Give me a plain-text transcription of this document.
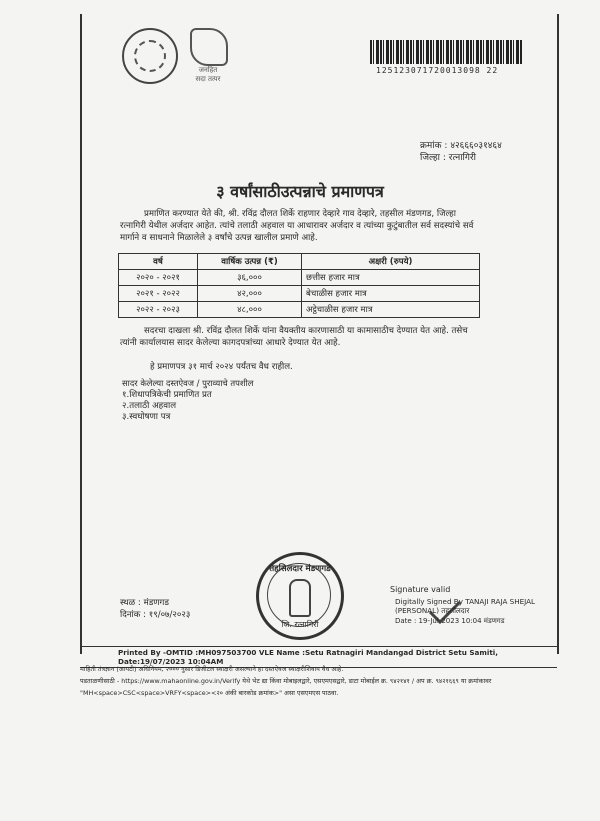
जनहित
सदा तत्पर
125123071720013098 22
क्रमांक : ४२६६६०३१४६४
जिल्हा : रत्नागिरी
३ वर्षांसाठीउत्पन्नाचे प्रमाणपत्र
प्रमाणित करण्यात येते की, श्री. रविंद्र दौलत शिर्के राहणार देव्हारे गाव देव्हारे, तहसील मंडणगड, जिल्हा रत्नागिरी येथील अर्जदार आहेत. त्यांचे तलाठी अहवाल या आधारावर अर्जदार व त्यांच्या कुटुंबातील सर्व सदस्यांचे सर्व मार्गाने व साधनाने मिळालेले ३ वर्षांचे उत्पन्न खालील प्रमाणे आहे.
वर्ष	वार्षिक उत्पन्न (₹)	अक्षरी (रुपये)
२०२० - २०२१	३६,०००	छत्तीस हजार मात्र
२०२१ - २०२२	४२,०००	बेचाळीस हजार मात्र
२०२२ - २०२३	४८,०००	अट्ठेचाळीस हजार मात्र
सदरचा दाखला श्री. रविंद्र दौलत शिर्के यांना वैयक्तीय कारणासाठी या कामासाठीच देण्यात येत आहे. तसेच त्यांनी कार्यालयास सादर केलेल्या कागदपत्रांच्या आधारे देण्यात येत आहे.
हे प्रमाणपत्र ३१ मार्च २०२४ पर्यंतच वैध राहील.
सादर केलेल्या दस्तऐवज / पुराव्याचे तपशील
१.शिधापत्रिकेची प्रमाणित प्रत
२.तलाठी अहवाल
३.स्वघोषणा पत्र
तहसिलदार मंडणगड
जि. रत्नागिरी
स्थळ : मंडणगड
दिनांक : १९/०७/२०२३
Signature valid
Digitally Signed By TANAJI RAJA SHEJAL
(PERSONAL) तहसीलदार
Date : 19-Jul-2023 10:04 मंडणगड
Printed By -OMTID :MH097503700 VLE Name :Setu Ratnagiri Mandangad District Setu Samiti, Date:19/07/2023 10:04AM
माहिती तंत्रज्ञान (आयटी) अधिनियम, २००० नुसार डिजीटल स्वाक्षरी असल्याने हा दस्तऐवज स्वाक्षरीशिवाय वैध आहे.
पडताळणीसाठी - https://www.mahaonline.gov.in/Verify येथे भेट द्या किंवा मोबाइलद्वारे, एसएमएसद्वारे, डाटा मोबाईल क्र. ९४२१४१ / अप क्र. ९४२१६६९ या क्रमांकावर
"MH<space>CSC<space>VRFY<space><२० अंकी बारकोड क्रमांक>" असा एसएमएस पाठवा.
